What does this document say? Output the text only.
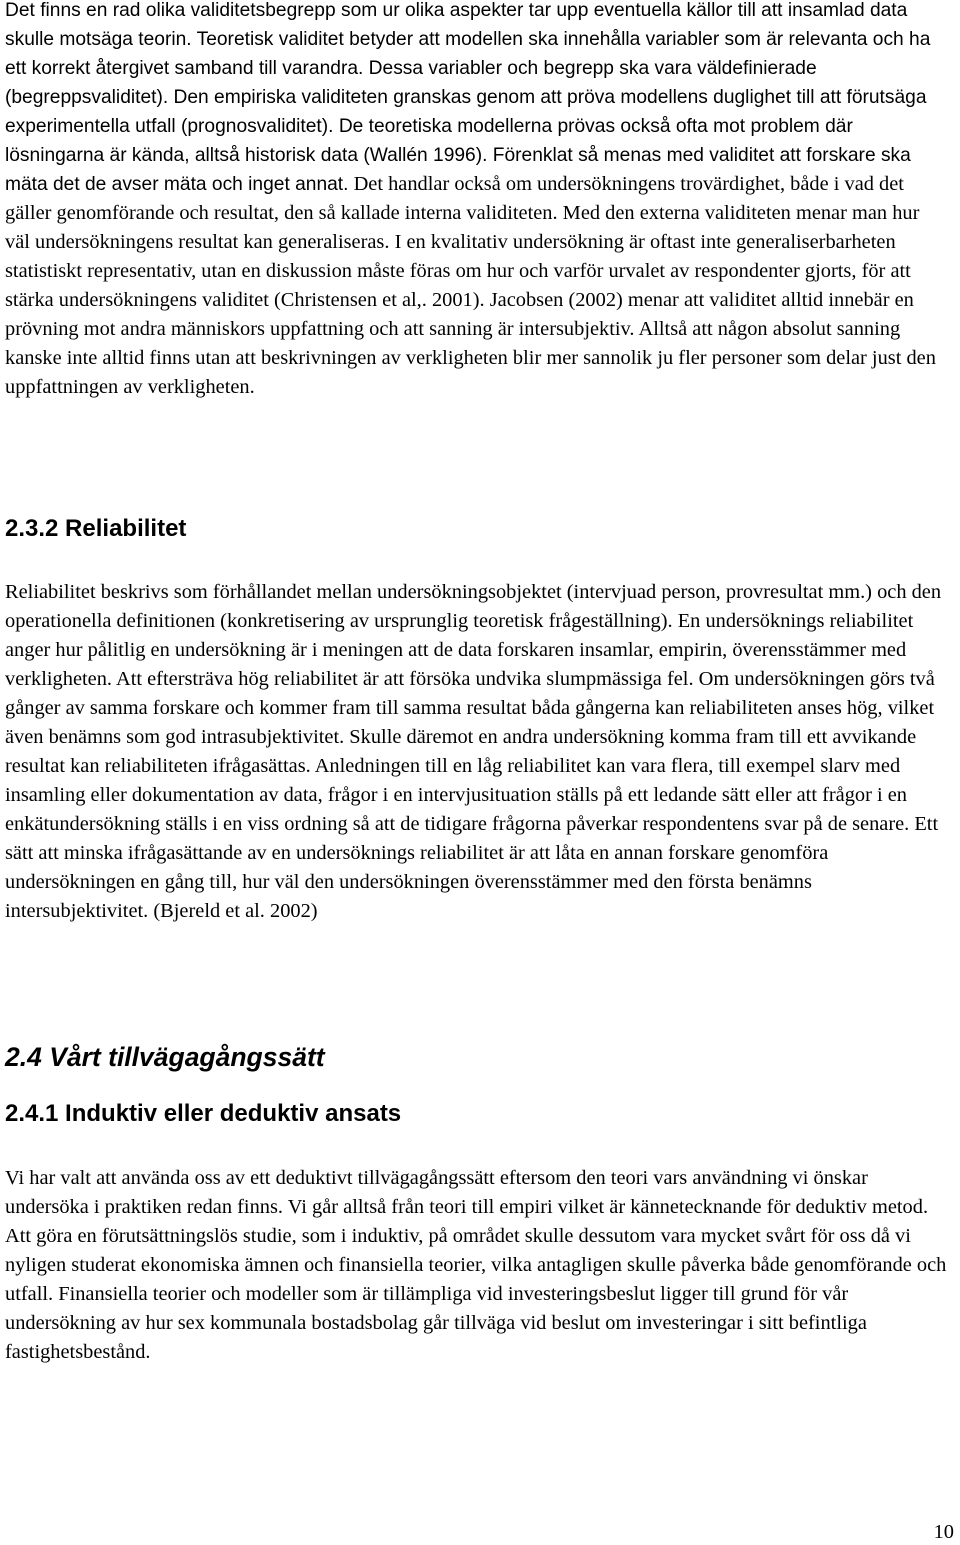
Det finns en rad olika validitetsbegrepp som ur olika aspekter tar upp eventuella källor till att insamlad data skulle motsäga teorin. Teoretisk validitet betyder att modellen ska innehålla variabler som är relevanta och ha ett korrekt återgivet samband till varandra. Dessa variabler och begrepp ska vara väldefinierade (begreppsvaliditet). Den empiriska validiteten granskas genom att pröva modellens duglighet till att förutsäga experimentella utfall (prognosvaliditet). De teoretiska modellerna prövas också ofta mot problem där lösningarna är kända, alltså historisk data (Wallén 1996). Förenklat så menas med validitet att forskare ska mäta det de avser mäta och inget annat. Det handlar också om undersökningens trovärdighet, både i vad det gäller genomförande och resultat, den så kallade interna validiteten. Med den externa validiteten menar man hur väl undersökningens resultat kan generaliseras. I en kvalitativ undersökning är oftast inte generaliserbarheten statistiskt representativ, utan en diskussion måste föras om hur och varför urvalet av respondenter gjorts, för att stärka undersökningens validitet (Christensen et al,. 2001). Jacobsen (2002) menar att validitet alltid innebär en prövning mot andra människors uppfattning och att sanning är intersubjektiv. Alltså att någon absolut sanning kanske inte alltid finns utan att beskrivningen av verkligheten blir mer sannolik ju fler personer som delar just den uppfattningen av verkligheten.

2.3.2 Reliabilitet

Reliabilitet beskrivs som förhållandet mellan undersökningsobjektet (intervjuad person, provresultat mm.) och den operationella definitionen (konkretisering av ursprunglig teoretisk frågeställning). En undersöknings reliabilitet anger hur pålitlig en undersökning är i meningen att de data forskaren insamlar, empirin, överensstämmer med verkligheten. Att eftersträva hög reliabilitet är att försöka undvika slumpmässiga fel. Om undersökningen görs två gånger av samma forskare och kommer fram till samma resultat båda gångerna kan reliabiliteten anses hög, vilket även benämns som god intrasubjektivitet. Skulle däremot en andra undersökning komma fram till ett avvikande resultat kan reliabiliteten ifrågasättas. Anledningen till en låg reliabilitet kan vara flera, till exempel slarv med insamling eller dokumentation av data, frågor i en intervjusituation ställs på ett ledande sätt eller att frågor i en enkätundersökning ställs i en viss ordning så att de tidigare frågorna påverkar respondentens svar på de senare. Ett sätt att minska ifrågasättande av en undersöknings reliabilitet är att låta en annan forskare genomföra undersökningen en gång till, hur väl den undersökningen överensstämmer med den första benämns intersubjektivitet. (Bjereld et al. 2002)

2.4 Vårt tillvägagångssätt
2.4.1 Induktiv eller deduktiv ansats

Vi har valt att använda oss av ett deduktivt tillvägagångssätt eftersom den teori vars användning vi önskar undersöka i praktiken redan finns. Vi går alltså från teori till empiri vilket är kännetecknande för deduktiv metod. Att göra en förutsättningslös studie, som i induktiv, på området skulle dessutom vara mycket svårt för oss då vi nyligen studerat ekonomiska ämnen och finansiella teorier, vilka antagligen skulle påverka både genomförande och utfall. Finansiella teorier och modeller som är tillämpliga vid investeringsbeslut ligger till grund för vår undersökning av hur sex kommunala bostadsbolag går tillväga vid beslut om investeringar i sitt befintliga fastighetsbestånd.

10
